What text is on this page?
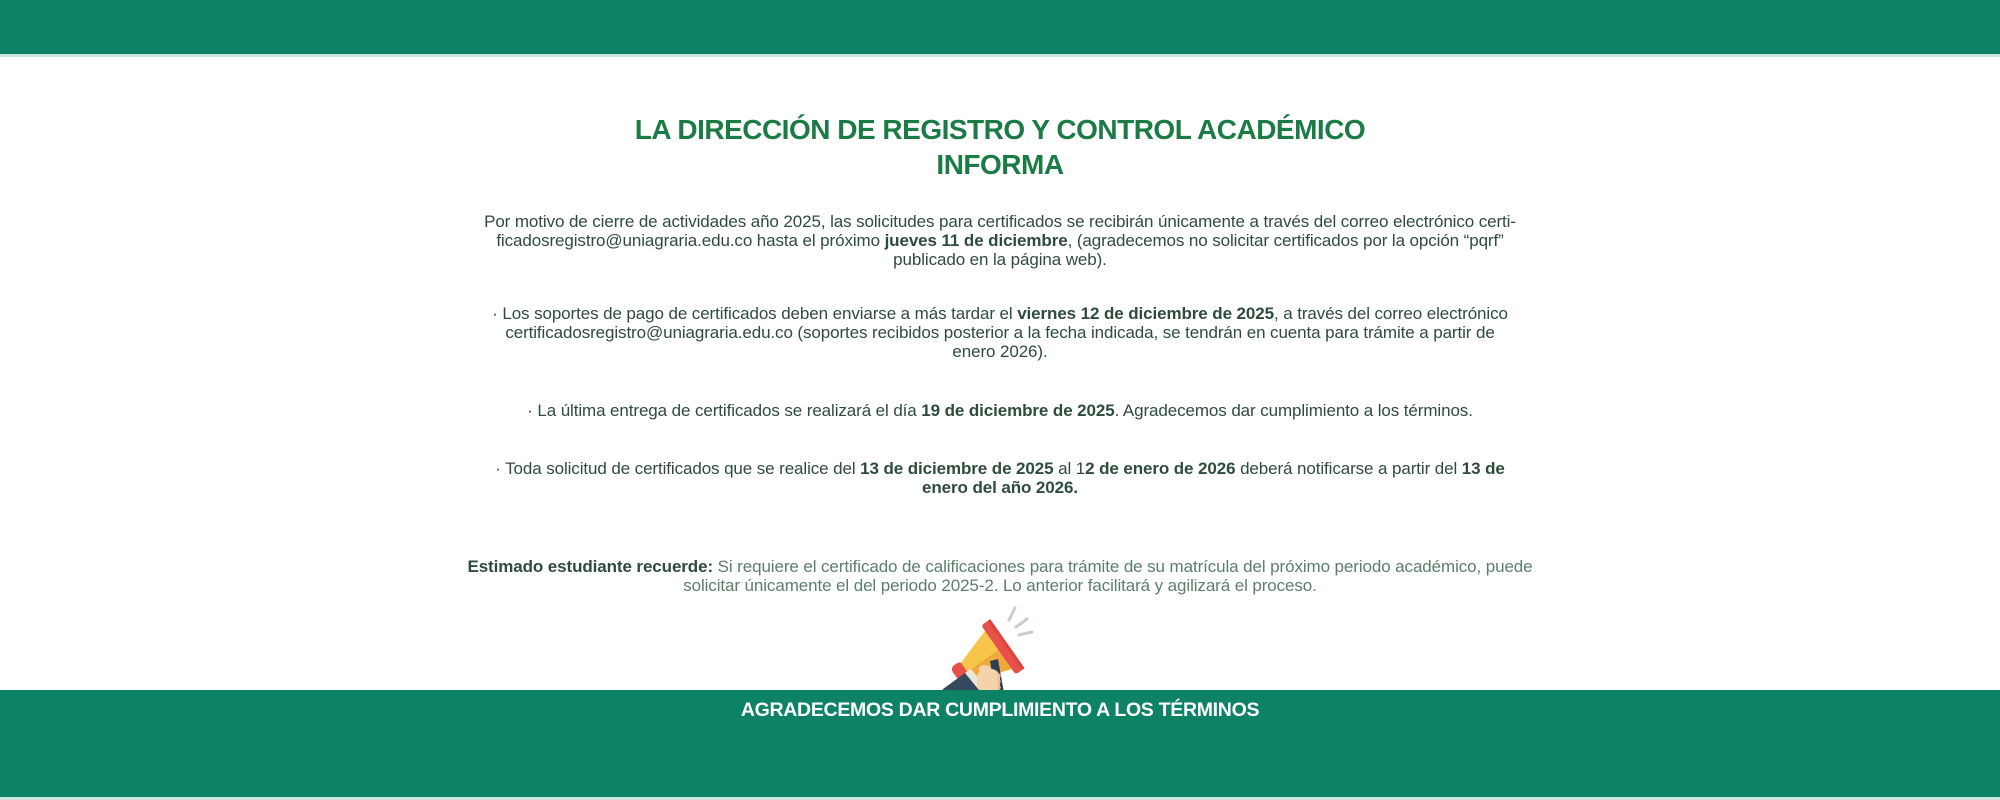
LA DIRECCIÓN DE REGISTRO Y CONTROL ACADÉMICO
INFORMA
Por motivo de cierre de actividades año 2025, las solicitudes para certificados se recibirán únicamente a través del correo electrónico certi-
ficadosregistro@uniagraria.edu.co hasta el próximo jueves 11 de diciembre, (agradecemos no solicitar certificados por la opción “pqrf”
publicado en la página web).
· Los soportes de pago de certificados deben enviarse a más tardar el viernes 12 de diciembre de 2025, a través del correo electrónico
certificadosregistro@uniagraria.edu.co (soportes recibidos posterior a la fecha indicada, se tendrán en cuenta para trámite a partir de
enero 2026).
· La última entrega de certificados se realizará el día 19 de diciembre de 2025. Agradecemos dar cumplimiento a los términos.
· Toda solicitud de certificados que se realice del 13 de diciembre de 2025 al 12 de enero de 2026 deberá notificarse a partir del 13 de
enero del año 2026.
Estimado estudiante recuerde: Si requiere el certificado de calificaciones para trámite de su matrícula del próximo periodo académico, puede
solicitar únicamente el del periodo 2025-2. Lo anterior facilitará y agilizará el proceso.
AGRADECEMOS DAR CUMPLIMIENTO A LOS TÉRMINOS
